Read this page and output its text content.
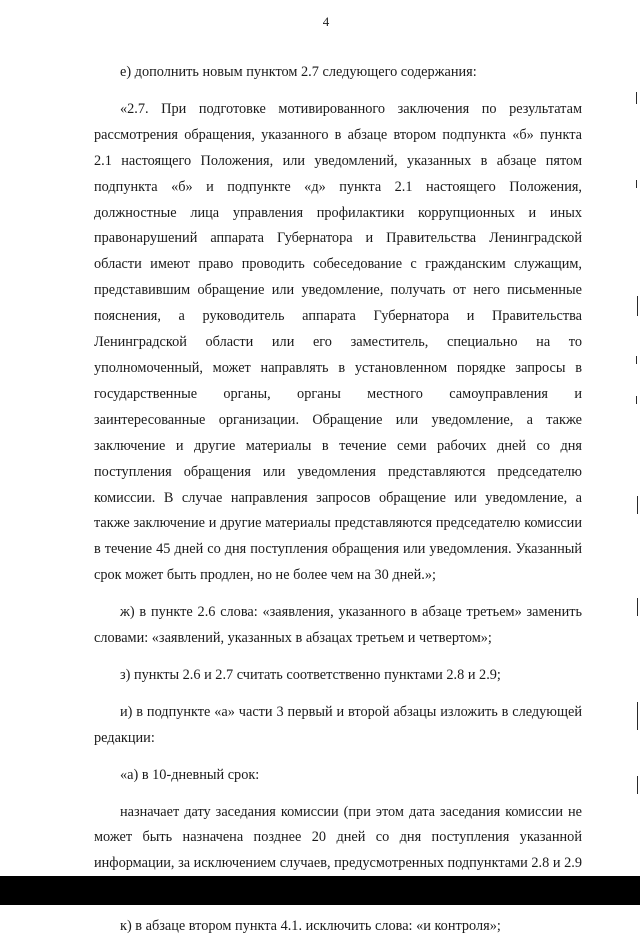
4

е) дополнить новым пунктом 2.7 следующего содержания:

«2.7. При подготовке мотивированного заключения по результатам рассмотрения обращения, указанного в абзаце втором подпункта «б» пункта 2.1 настоящего Положения, или уведомлений, указанных в абзаце пятом подпункта «б» и подпункте «д» пункта 2.1 настоящего Положения, должностные лица управления профилактики коррупционных и иных правонарушений аппарата Губернатора и Правительства Ленинградской области имеют право проводить собеседование с гражданским служащим, представившим обращение или уведомление, получать от него письменные пояснения, а руководитель аппарата Губернатора и Правительства Ленинградской области или его заместитель, специально на то уполномоченный, может направлять в установленном порядке запросы в государственные органы, органы местного самоуправления и заинтересованные организации. Обращение или уведомление, а также заключение и другие материалы в течение семи рабочих дней со дня поступления обращения или уведомления представляются председателю комиссии. В случае направления запросов обращение или уведомление, а также заключение и другие материалы представляются председателю комиссии в течение 45 дней со дня поступления обращения или уведомления. Указанный срок может быть продлен, но не более чем на 30 дней.»;

ж) в пункте 2.6 слова: «заявления, указанного в абзаце третьем» заменить словами: «заявлений, указанных в абзацах третьем и четвертом»;

з) пункты 2.6 и 2.7 считать соответственно пунктами 2.8 и 2.9;

и) в подпункте «а» части 3 первый и второй абзацы изложить в следующей редакции:

«а) в 10-дневный срок:

назначает дату заседания комиссии (при этом дата заседания комиссии не может быть назначена позднее 20 дней со дня поступления указанной информации, за исключением случаев, предусмотренных подпунктами 2.8 и 2.9

к) в абзаце втором пункта 4.1. исключить слова: «и контроля»;
